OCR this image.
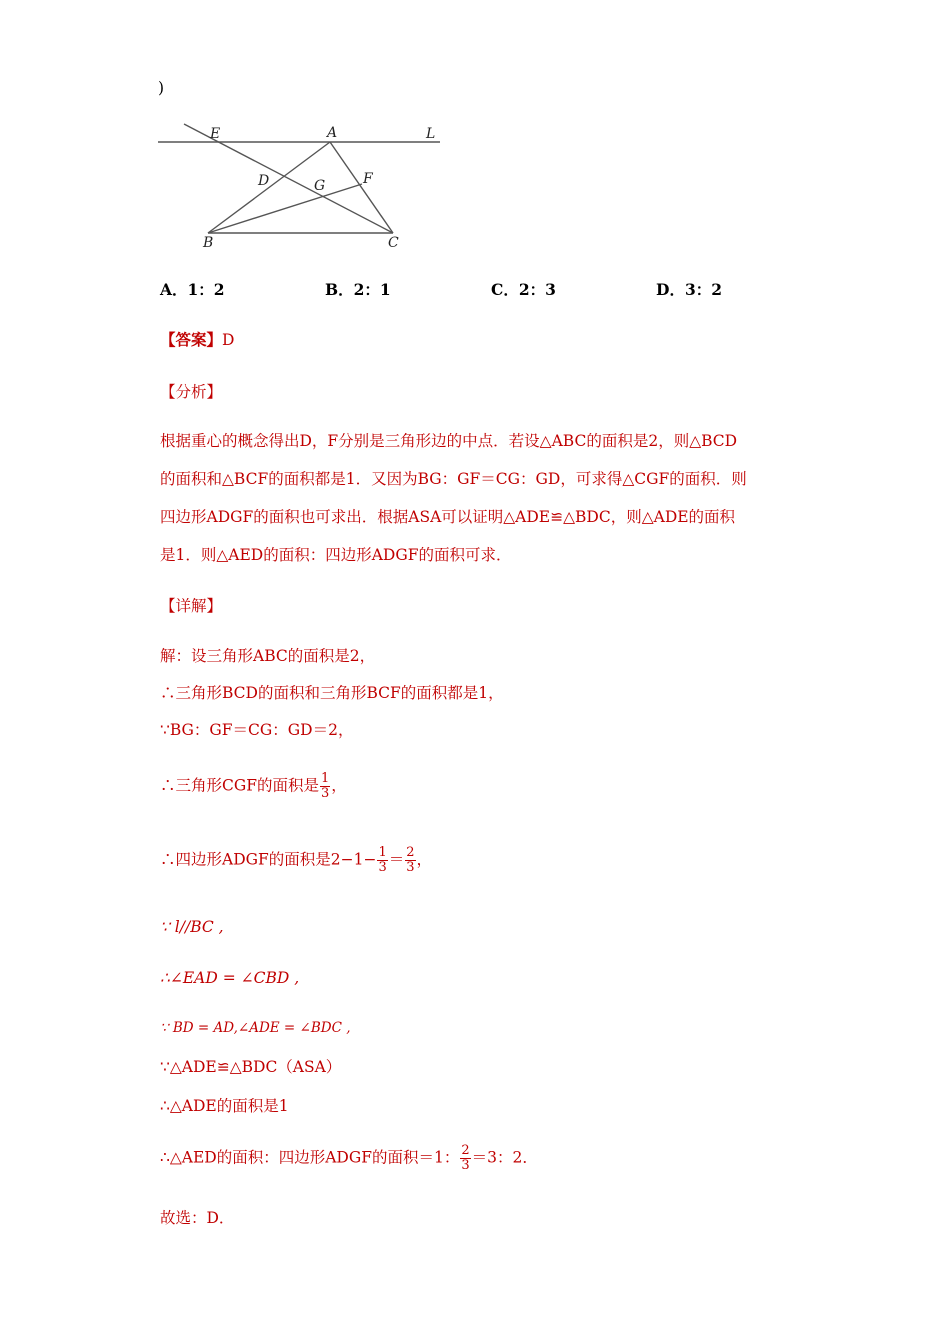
)
E	A	L
D	G	F
B	C
A．1：2	B．2：1	C．2：3	D．3：2
【答案】D
【分析】
根据重心的概念得出D，F分别是三角形边的中点．若设△ABC的面积是2，则△BCD
的面积和△BCF的面积都是1．又因为BG：GF＝CG：GD，可求得△CGF的面积．则
四边形ADGF的面积也可求出．根据ASA可以证明△ADE≌△BDC，则△ADE的面积
是1．则△AED的面积：四边形ADGF的面积可求．
【详解】
解：设三角形ABC的面积是2，
∴三角形BCD的面积和三角形BCF的面积都是1，
∵BG：GF＝CG：GD＝2，
∴三角形CGF的面积是 $\frac{1}{3}$ ，
∴四边形ADGF的面积是$2-1- \frac{1}{3} = \frac{2}{3}$ ，
∵ l//BC ,
∴∠EAD = ∠CBD ,
∵ BD = AD,∠ADE = ∠BDC ,
∵△ADE≌△BDC（ASA）
∴△ADE的面积是1
∴△AED的面积：四边形ADGF的面积＝1： $\frac{2}{3} =3$：2．
故选：D．
